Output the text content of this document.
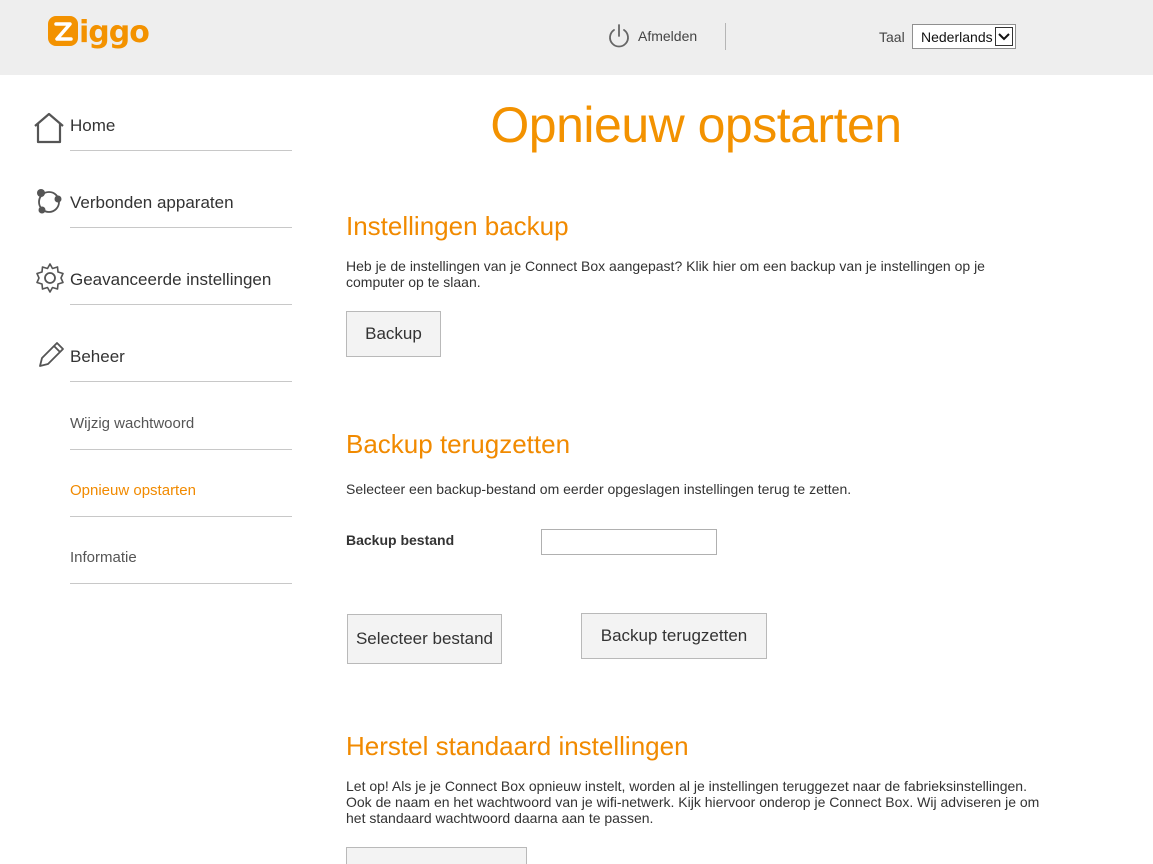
iggo	Afmelden	Taal Nederlands
Home
Verbonden apparaten
Geavanceerde instellingen
Beheer
Wijzig wachtwoord
Opnieuw opstarten
Informatie
Opnieuw opstarten
Instellingen backup

Heb je de instellingen van je Connect Box aangepast? Klik hier om een backup van je instellingen op je computer op te slaan.

Backup
Backup terugzetten

Selecteer een backup-bestand om eerder opgeslagen instellingen terug te zetten.

Backup bestand
Selecteer bestand	Backup terugzetten
Herstel standaard instellingen

Let op! Als je je Connect Box opnieuw instelt, worden al je instellingen teruggezet naar de fabrieksinstellingen. Ook de naam en het wachtwoord van je wifi-netwerk. Kijk hiervoor onderop je Connect Box. Wij adviseren je om het standaard wachtwoord daarna aan te passen.
